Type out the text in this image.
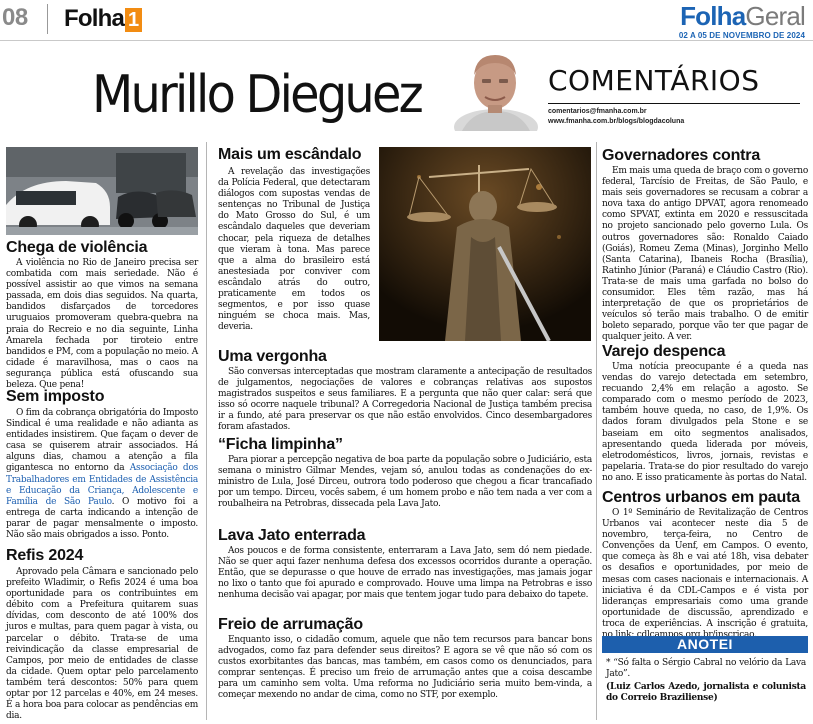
08 Folha 1	FolhaGeral
02 A 05 DE NOVEMBRO DE 2024
Murillo Dieguez	COMENTÁRIOS
comentarios@fmanha.com.br
www.fmanha.com.br/blogs/blogdacoluna
Chega de violência

A violência no Rio de Janeiro precisa ser combatida com mais seriedade. Não é possível assistir ao que vimos na semana passada, em dois dias seguidos. Na quarta, bandidos disfarçados de torcedores uruguaios promoveram quebra-quebra na praia do Recreio e no dia seguinte, Linha Amarela fechada por tiroteio entre bandidos e PM, com a população no meio. A cidade é maravilhosa, mas o caos na segurança pública está ofuscando sua beleza. Que pena!

Sem imposto

O fim da cobrança obrigatória do Imposto Sindical é uma realidade e não adianta as entidades insistirem. Que façam o dever de casa se quiserem atrair associados. Há alguns dias, chamou a atenção a fila gigantesca no entorno da Associação dos Trabalhadores em Entidades de Assistência e Educação da Criança, Adolescente e Família de São Paulo. O motivo foi a entrega de carta indicando a intenção de parar de pagar mensalmente o imposto. Não são mais obrigados a isso. Ponto.

Refis 2024

Aprovado pela Câmara e sancionado pelo prefeito Wladimir, o Refis 2024 é uma boa oportunidade para os contribuintes em débito com a Prefeitura quitarem suas dívidas, com desconto de até 100% dos juros e multas, para quem pagar à vista, ou parcelar o débito. Trata-se de uma reivindicação da classe empresarial de Campos, por meio de entidades de classe da cidade. Quem optar pelo parcelamento também terá descontos: 50% para quem optar por 12 parcelas e 40%, em 24 meses. É a hora boa para colocar as pendências em dia.

Mais um escândalo

A revelação das investigações da Polícia Federal, que detectaram diálogos com supostas vendas de sentenças no Tribunal de Justiça do Mato Grosso do Sul, é um escândalo daqueles que deveriam chocar, pela riqueza de detalhes que vieram à tona. Mas parece que a alma do brasileiro está anestesiada por conviver com escândalo atrás do outro, praticamente em todos os segmentos, e por isso quase ninguém se choca mais. Mas, deveria.

Uma vergonha

São conversas interceptadas que mostram claramente a antecipação de resultados de julgamentos, negociações de valores e cobranças relativas aos supostos magistrados suspeitos e seus familiares. E a pergunta que não quer calar: será que isso só ocorre naquele tribunal? A Corregedoria Nacional de Justiça também precisa ir a fundo, até para preservar os que não estão envolvidos. Cinco desembargadores foram afastados.

“Ficha limpinha”

Para piorar a percepção negativa de boa parte da população sobre o Judiciário, esta semana o ministro Gilmar Mendes, vejam só, anulou todas as condenações do ex-ministro de Lula, José Dirceu, outrora todo poderoso que chegou a ficar trancafiado por um tempo. Dirceu, vocês sabem, é um homem probo e não tem nada a ver com a roubalheira na Petrobras, dissecada pela Lava Jato.

Lava Jato enterrada

Aos poucos e de forma consistente, enterraram a Lava Jato, sem dó nem piedade. Não se quer aqui fazer nenhuma defesa dos excessos ocorridos durante a operação. Então, que se depurasse o que houve de errado nas investigações, mas jamais jogar no lixo o tanto que foi apurado e comprovado. Houve uma limpa na Petrobras e isso nenhuma decisão vai apagar, por mais que tentem jogar tudo para debaixo do tapete.

Freio de arrumação

Enquanto isso, o cidadão comum, aquele que não tem recursos para bancar bons advogados, como faz para defender seus direitos? E agora se vê que não só com os custos exorbitantes das bancas, mas também, em casos como os denunciados, para comprar sentenças. É preciso um freio de arrumação antes que a coisa descambe para um caminho sem volta. Uma reforma no Judiciário seria muito bem-vinda, a começar mexendo no andar de cima, como no STF, por exemplo.

Governadores contra

Em mais uma queda de braço com o governo federal, Tarcísio de Freitas, de São Paulo, e mais seis governadores se recusam a cobrar a nova taxa do antigo DPVAT, agora renomeado como SPVAT, extinta em 2020 e ressuscitada no projeto sancionado pelo governo Lula. Os outros governadores são: Ronaldo Caiado (Goiás), Romeu Zema (Minas), Jorginho Mello (Santa Catarina), Ibaneis Rocha (Brasília), Ratinho Júnior (Paraná) e Cláudio Castro (Rio). Trata-se de mais uma garfada no bolso do consumidor. Eles têm razão, mas há interpretação de que os proprietários de veículos só terão mais trabalho. O de emitir boleto separado, porque vão ter que pagar de qualquer jeito. A ver.

Varejo despenca

Uma notícia preocupante é a queda nas vendas do varejo detectada em setembro, recuando 2,4% em relação a agosto. Se comparado com o mesmo período de 2023, também houve queda, no caso, de 1,9%. Os dados foram divulgados pela Stone e se baseiam em oito segmentos analisados, apresentando queda liderada por móveis, eletrodomésticos, livros, jornais, revistas e papelaria. Trata-se do pior resultado do varejo no ano. E isso praticamente às portas do Natal.

Centros urbanos em pauta

O 1º Seminário de Revitalização de Centros Urbanos vai acontecer neste dia 5 de novembro, terça-feira, no Centro de Convenções da Uenf, em Campos. O evento, que começa às 8h e vai até 18h, visa debater os desafios e oportunidades, por meio de mesas com cases nacionais e internacionais. A iniciativa é da CDL-Campos e é vista por lideranças empresariais como uma grande oportunidade de discussão, aprendizado e troca de experiências. A inscrição é gratuita,

ANOTEI

* “Só falta o Sérgio Cabral no velório da Lava Jato”.

(Luiz Carlos Azedo, jornalista e colunista do Correio Braziliense)
